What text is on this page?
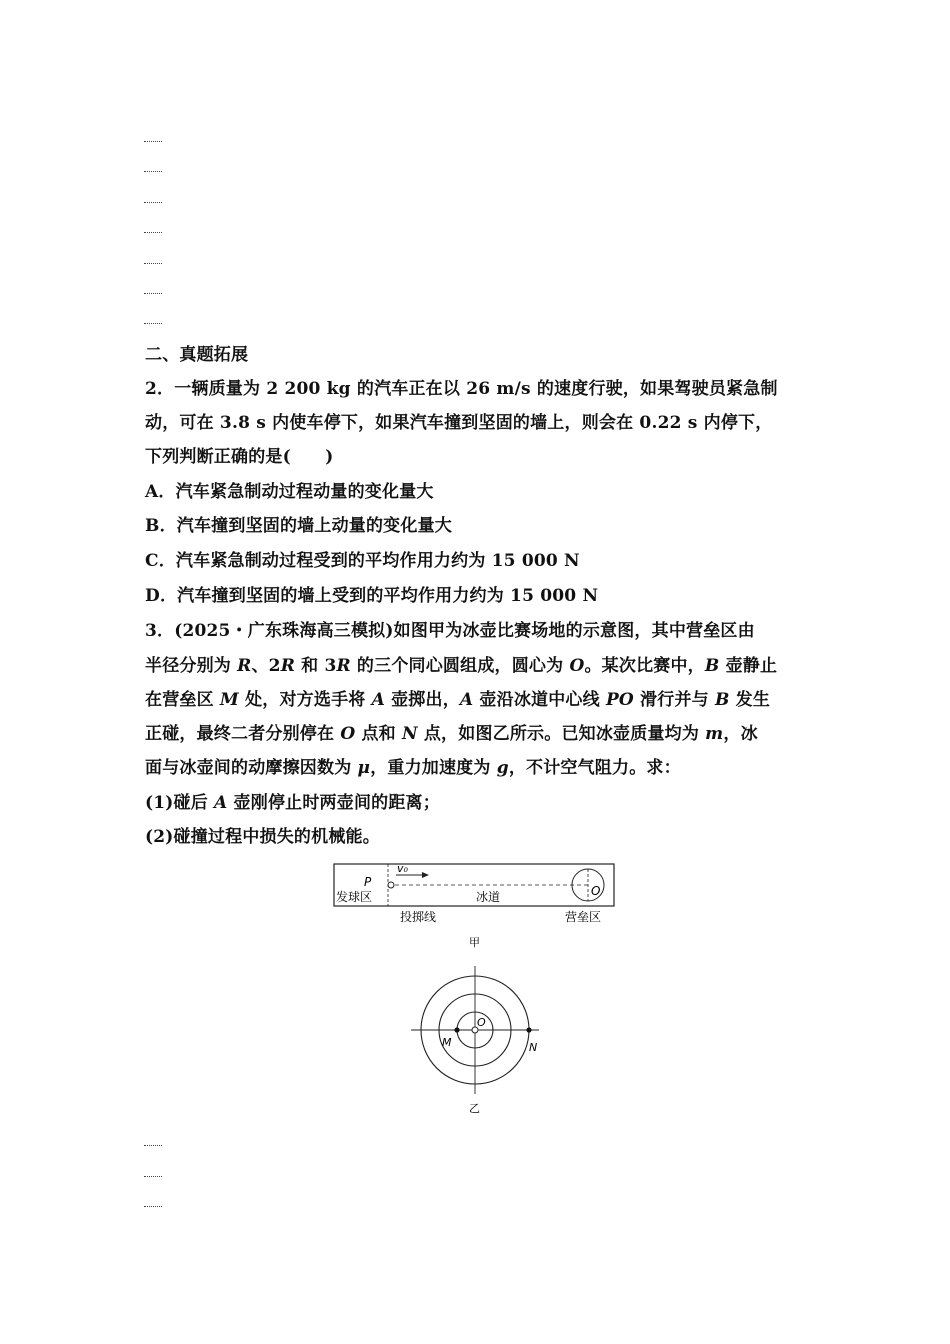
二、真题拓展
2．一辆质量为 2 200 kg 的汽车正在以 26 m/s 的速度行驶，如果驾驶员紧急制
动，可在 3.8 s 内使车停下，如果汽车撞到坚固的墙上，则会在 0.22 s 内停下，
下列判断正确的是(　　)
A．汽车紧急制动过程动量的变化量大
B．汽车撞到坚固的墙上动量的变化量大
C．汽车紧急制动过程受到的平均作用力约为 15 000 N
D．汽车撞到坚固的墙上受到的平均作用力约为 15 000 N
3．(2025・广东珠海高三模拟)如图甲为冰壶比赛场地的示意图，其中营垒区由
半径分别为 R、2R 和 3R 的三个同心圆组成，圆心为 O。某次比赛中，B 壶静止
在营垒区 M 处，对方选手将 A 壶掷出，A 壶沿冰道中心线 PO 滑行并与 B 发生
正碰，最终二者分别停在 O 点和 N 点，如图乙所示。已知冰壶质量均为 m，冰
面与冰壶间的动摩擦因数为 μ，重力加速度为 g，不计空气阻力。求：
(1)碰后 A 壶刚停止时两壶间的距离；
(2)碰撞过程中损失的机械能。
P
v₀
发球区	冰道	O
投掷线	营垒区
甲
O
M	N
乙
